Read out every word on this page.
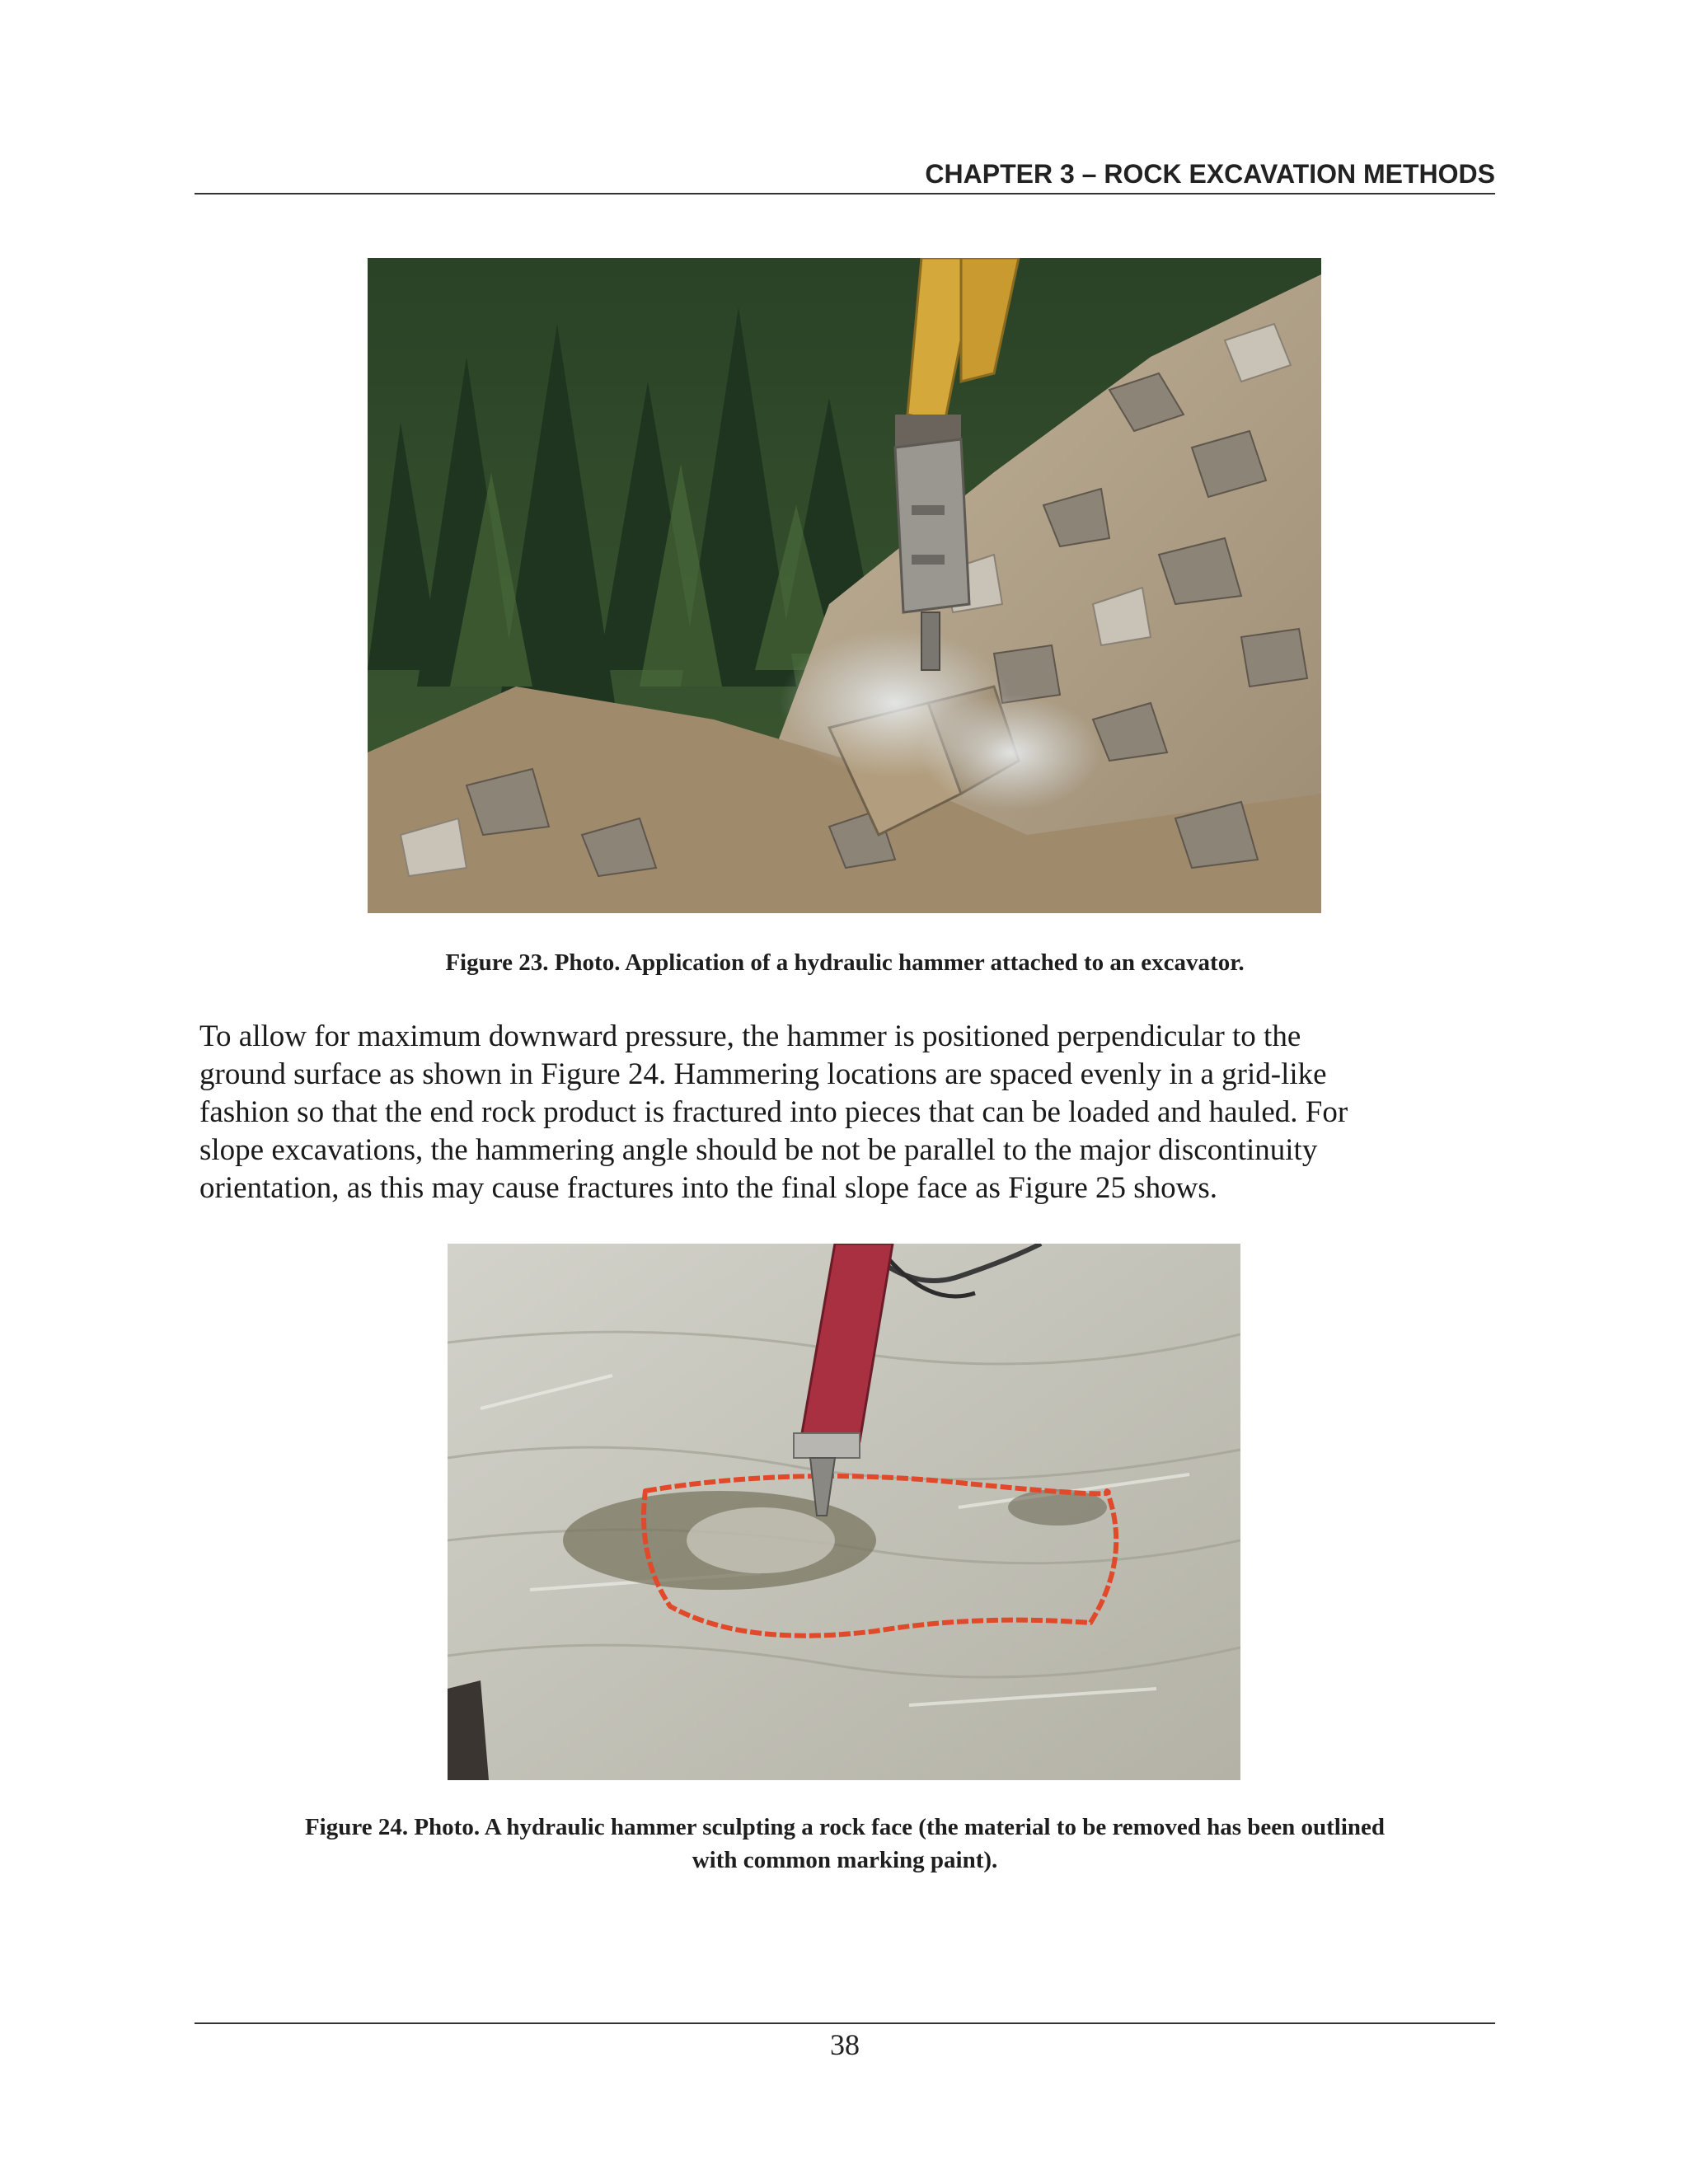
CHAPTER 3 – ROCK EXCAVATION METHODS
Figure 23. Photo. Application of a hydraulic hammer attached to an excavator.
To allow for maximum downward pressure, the hammer is positioned perpendicular to the
ground surface as shown in Figure 24. Hammering locations are spaced evenly in a grid-like
fashion so that the end rock product is fractured into pieces that can be loaded and hauled. For
slope excavations, the hammering angle should be not be parallel to the major discontinuity
orientation, as this may cause fractures into the final slope face as Figure 25 shows.
Figure 24. Photo. A hydraulic hammer sculpting a rock face (the material to be removed has been outlined
with common marking paint).
38
